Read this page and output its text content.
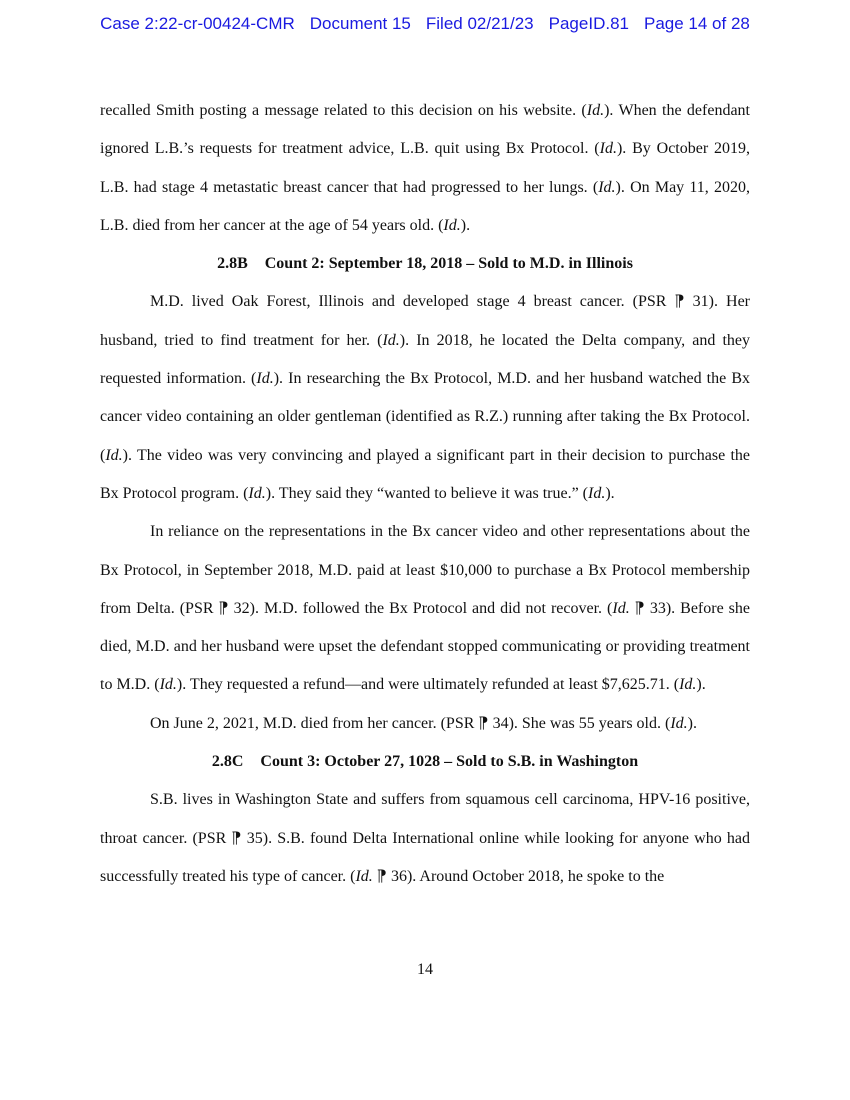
Case 2:22-cr-00424-CMR Document 15 Filed 02/21/23 PageID.81 Page 14 of 28

recalled Smith posting a message related to this decision on his website. (Id.). When the defendant ignored L.B.’s requests for treatment advice, L.B. quit using Bx Protocol. (Id.). By October 2019, L.B. had stage 4 metastatic breast cancer that had progressed to her lungs. (Id.). On May 11, 2020, L.B. died from her cancer at the age of 54 years old. (Id.).

2.8B Count 2: September 18, 2018 – Sold to M.D. in Illinois

M.D. lived Oak Forest, Illinois and developed stage 4 breast cancer. (PSR ⁋ 31). Her husband, tried to find treatment for her. (Id.). In 2018, he located the Delta company, and they requested information. (Id.). In researching the Bx Protocol, M.D. and her husband watched the Bx cancer video containing an older gentleman (identified as R.Z.) running after taking the Bx Protocol. (Id.). The video was very convincing and played a significant part in their decision to purchase the Bx Protocol program. (Id.). They said they “wanted to believe it was true.” (Id.).

In reliance on the representations in the Bx cancer video and other representations about the Bx Protocol, in September 2018, M.D. paid at least $10,000 to purchase a Bx Protocol membership from Delta. (PSR ⁋ 32). M.D. followed the Bx Protocol and did not recover. (Id. ⁋ 33). Before she died, M.D. and her husband were upset the defendant stopped communicating or providing treatment to M.D. (Id.). They requested a refund—and were ultimately refunded at least $7,625.71. (Id.).

On June 2, 2021, M.D. died from her cancer. (PSR ⁋ 34). She was 55 years old. (Id.).

2.8C Count 3: October 27, 1028 – Sold to S.B. in Washington

S.B. lives in Washington State and suffers from squamous cell carcinoma, HPV-16 positive, throat cancer. (PSR ⁋ 35). S.B. found Delta International online while looking for anyone who had successfully treated his type of cancer. (Id. ⁋ 36). Around October 2018, he spoke to the

14
